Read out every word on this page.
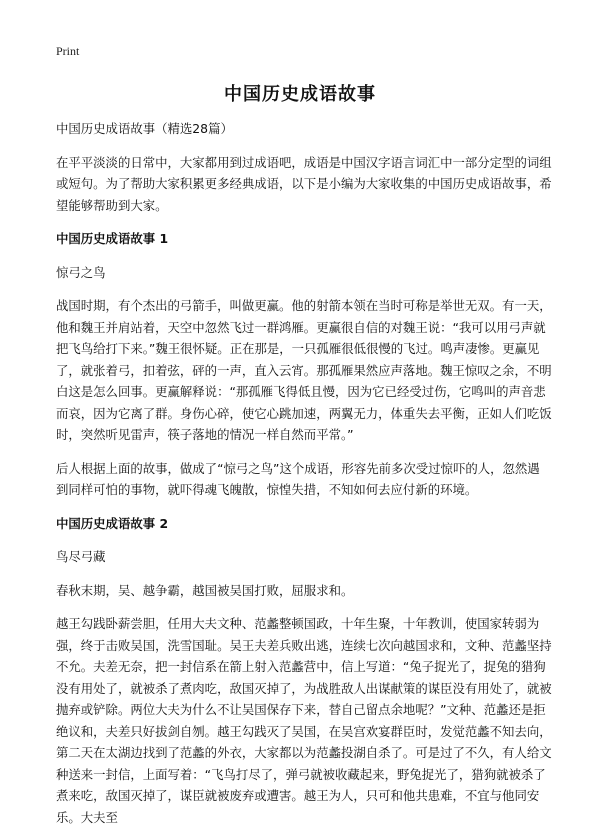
Print
中国历史成语故事

中国历史成语故事（精选28篇）

在平平淡淡的日常中，大家都用到过成语吧，成语是中国汉字语言词汇中一部分定型的词组或短句。为了帮助大家积累更多经典成语，以下是小编为大家收集的中国历史成语故事，希望能够帮助到大家。

中国历史成语故事 1

惊弓之鸟

战国时期，有个杰出的弓箭手，叫做更赢。他的射箭本领在当时可称是举世无双。有一天，他和魏王并肩站着，天空中忽然飞过一群鸿雁。更赢很自信的对魏王说：“我可以用弓声就把飞鸟给打下来。”魏王很怀疑。正在那是，一只孤雁很低很慢的飞过。鸣声凄惨。更赢见了，就张着弓，扣着弦，砰的一声，直入云宵。那孤雁果然应声落地。魏王惊叹之余，不明白这是怎么回事。更赢解释说：“那孤雁飞得低且慢，因为它已经受过伤，它鸣叫的声音悲而哀，因为它离了群。身伤心碎，使它心跳加速，两翼无力，体重失去平衡，正如人们吃饭时，突然听见雷声，筷子落地的情况一样自然而平常。”

后人根据上面的故事，做成了“惊弓之鸟”这个成语，形容先前多次受过惊吓的人，忽然遇到同样可怕的事物，就吓得魂飞魄散，惊惶失措，不知如何去应付新的环境。

中国历史成语故事 2

鸟尽弓藏

春秋末期，吴、越争霸，越国被吴国打败，屈服求和。

越王勾践卧薪尝胆，任用大夫文种、范蠡整顿国政，十年生聚，十年教训，使国家转弱为强，终于击败吴国，洗雪国耻。吴王夫差兵败出逃，连续七次向越国求和，文种、范蠡坚持不允。夫差无奈，把一封信系在箭上射入范蠡营中，信上写道：“兔子捉光了，捉兔的猎狗没有用处了，就被杀了煮肉吃，敌国灭掉了，为战胜敌人出谋献策的谋臣没有用处了，就被抛弃或铲除。两位大夫为什么不让吴国保存下来，替自己留点余地呢？”文种、范蠡还是拒绝议和，夫差只好拔剑自刎。越王勾践灭了吴国，在吴宫欢宴群臣时，发觉范蠡不知去向，第二天在太湖边找到了范蠡的外衣，大家都以为范蠡投湖自杀了。可是过了不久，有人给文种送来一封信，上面写着：“飞鸟打尽了，弹弓就被收藏起来，野兔捉光了，猎狗就被杀了煮来吃，敌国灭掉了，谋臣就被废弃或遭害。越王为人，只可和他共患难，不宜与他同安乐。大夫至
